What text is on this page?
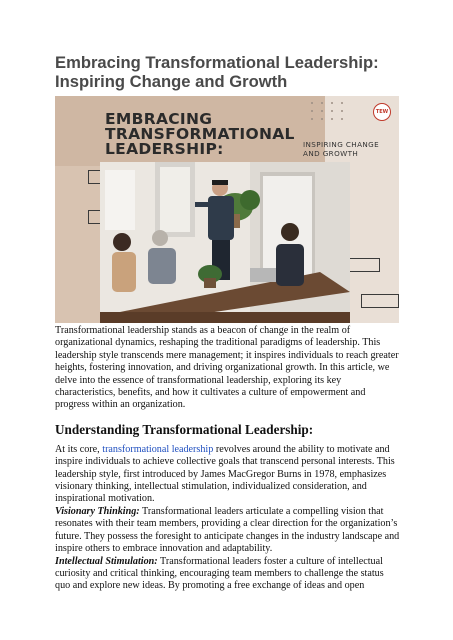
Embracing Transformational Leadership:
Inspiring Change and Growth
EMBRACING
TRANSFORMATIONAL
LEADERSHIP:
TEW
INSPIRING CHANGE
AND GROWTH

Transformational leadership stands as a beacon of change in the realm of organizational dynamics, reshaping the traditional paradigms of leadership. This leadership style transcends mere management; it inspires individuals to reach greater heights, fostering innovation, and driving organizational growth. In this article, we delve into the essence of transformational leadership, exploring its key characteristics, benefits, and how it cultivates a culture of empowerment and progress within an organization.

Understanding Transformational Leadership:

At its core, transformational leadership revolves around the ability to motivate and inspire individuals to achieve collective goals that transcend personal interests. This leadership style, first introduced by James MacGregor Burns in 1978, emphasizes visionary thinking, intellectual stimulation, individualized consideration, and inspirational motivation.

Visionary Thinking: Transformational leaders articulate a compelling vision that resonates with their team members, providing a clear direction for the organization’s future. They possess the foresight to anticipate changes in the industry landscape and inspire others to embrace innovation and adaptability.

Intellectual Stimulation: Transformational leaders foster a culture of intellectual curiosity and critical thinking, encouraging team members to challenge the status quo and explore new ideas. By promoting a free exchange of ideas and open
